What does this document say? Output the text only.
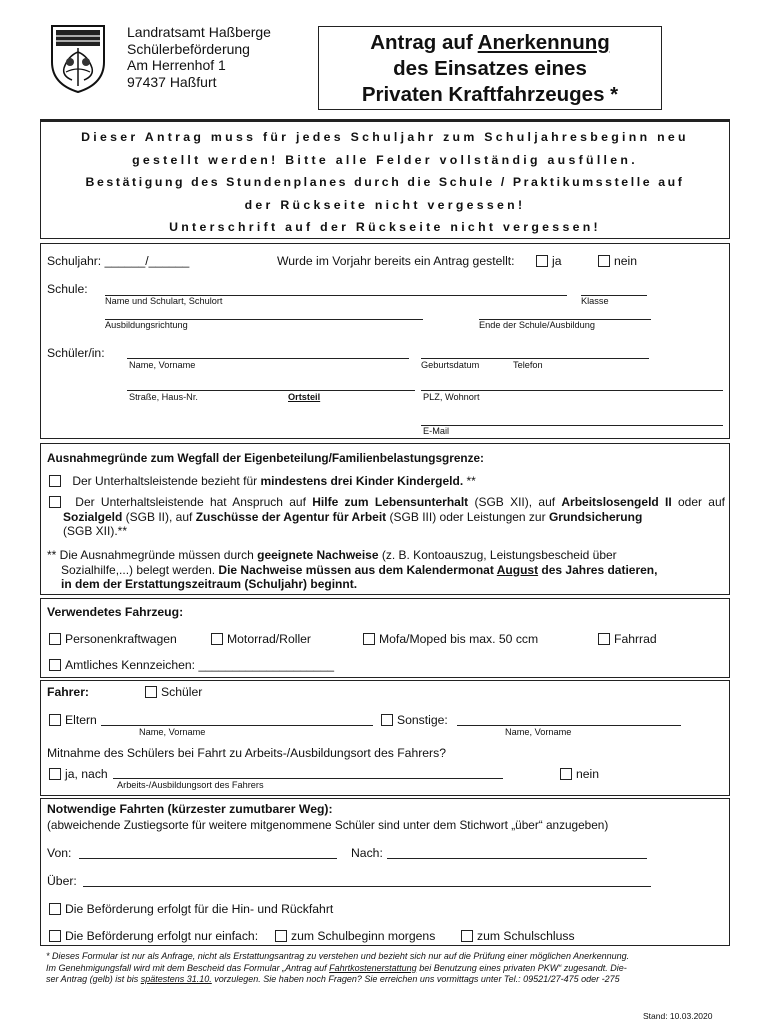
Landratsamt Haßberge
Schülerbeförderung
Am Herrenhof 1
97437 Haßfurt
Antrag auf Anerkennung
des Einsatzes eines
Privaten Kraftfahrzeuges *
Dieser Antrag muss für jedes Schuljahr zum Schuljahresbeginn neu
gestellt werden! Bitte alle Felder vollständig ausfüllen.
Bestätigung des Stundenplanes durch die Schule / Praktikumsstelle auf
der Rückseite nicht vergessen!
Unterschrift auf der Rückseite nicht vergessen!
Schuljahr: ______/______	Wurde im Vorjahr bereits ein Antrag gestellt:	ja	nein
Schule:
Name und Schulart, Schulort	Klasse
Ausbildungsrichtung	Ende der Schule/Ausbildung
Schüler/in:
Name, Vorname	Geburtsdatum	Telefon
Straße, Haus-Nr.	Ortsteil	PLZ, Wohnort
E-Mail
Ausnahmegründe zum Wegfall der Eigenbeteilung/Familienbelastungsgrenze:
Der Unterhaltsleistende bezieht für mindestens drei Kinder Kindergeld. **
Der Unterhaltsleistende hat Anspruch auf Hilfe zum Lebensunterhalt (SGB XII), auf Arbeitslosengeld II oder auf Sozialgeld (SGB II), auf Zuschüsse der Agentur für Arbeit (SGB III) oder Leistungen zur Grundsicherung
(SGB XII).**
** Die Ausnahmegründe müssen durch geeignete Nachweise (z. B. Kontoauszug, Leistungsbescheid über
Sozialhilfe,...) belegt werden. Die Nachweise müssen aus dem Kalendermonat August des Jahres datieren,
in dem der Erstattungszeitraum (Schuljahr) beginnt.
Verwendetes Fahrzeug:
Personenkraftwagen	Motorrad/Roller	Mofa/Moped bis max. 50 ccm	Fahrrad
Amtliches Kennzeichen: ____________________
Fahrer:	Schüler
Eltern
Name, Vorname
Sonstige:
Name, Vorname
Mitnahme des Schülers bei Fahrt zu Arbeits-/Ausbildungsort des Fahrers?
ja, nach
Arbeits-/Ausbildungsort des Fahrers
nein
Notwendige Fahrten (kürzester zumutbarer Weg):
(abweichende Zustiegsorte für weitere mitgenommene Schüler sind unter dem Stichwort „über“ anzugeben)
Von:	Nach:
Über:
Die Beförderung erfolgt für die Hin- und Rückfahrt
Die Beförderung erfolgt nur einfach:	zum Schulbeginn morgens	zum Schulschluss
* Dieses Formular ist nur als Anfrage, nicht als Erstattungsantrag zu verstehen und bezieht sich nur auf die Prüfung einer möglichen Anerkennung.
Im Genehmigungsfall wird mit dem Bescheid das Formular „Antrag auf Fahrtkostenerstattung bei Benutzung eines privaten PKW“ zugesandt. Die-
ser Antrag (gelb) ist bis spätestens 31.10. vorzulegen. Sie haben noch Fragen? Sie erreichen uns vormittags unter Tel.: 09521/27-475 oder -275
Stand: 10.03.2020
